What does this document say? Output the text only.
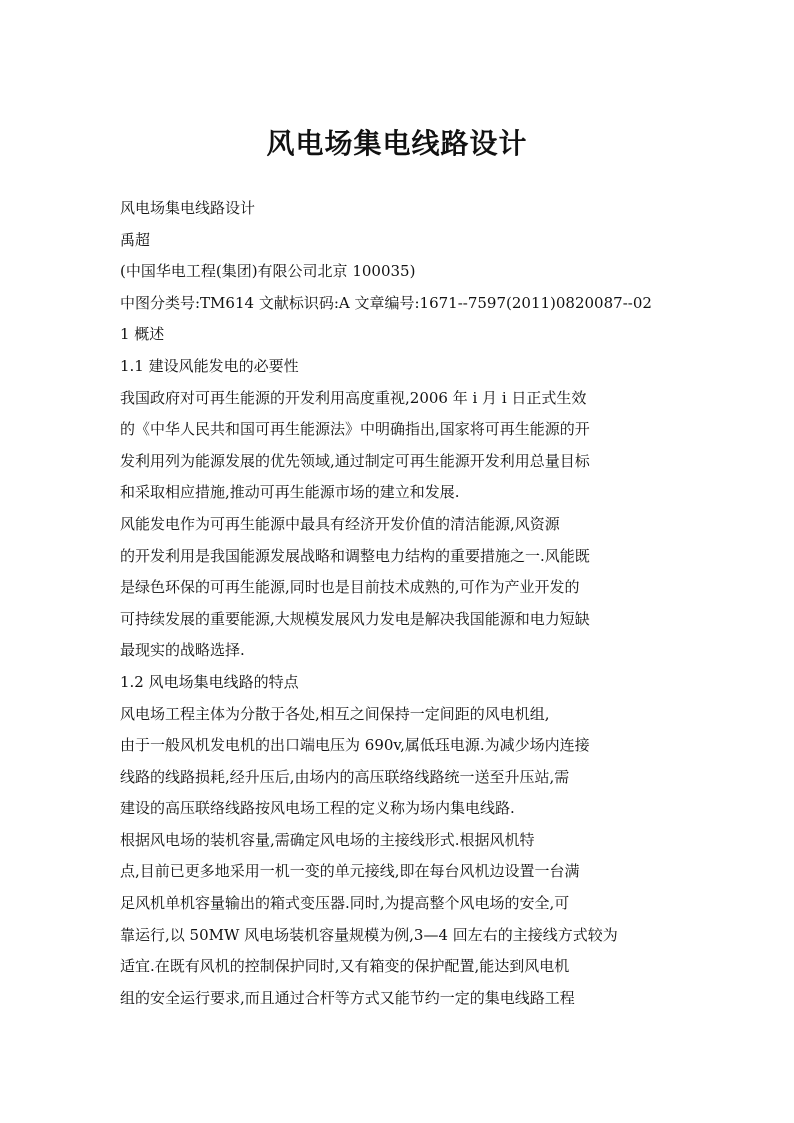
风电场集电线路设计
风电场集电线路设计
禹超
(中国华电工程(集团)有限公司北京 100035)
中图分类号:TM614 文献标识码:A 文章编号:1671--7597(2011)0820087--02
1 概述
1.1 建设风能发电的必要性
我国政府对可再生能源的开发利用高度重视,2006 年 i 月 i 日正式生效
的《中华人民共和国可再生能源法》中明确指出,国家将可再生能源的开
发利用列为能源发展的优先领域,通过制定可再生能源开发利用总量目标
和采取相应措施,推动可再生能源市场的建立和发展.
风能发电作为可再生能源中最具有经济开发价值的清洁能源,风资源
的开发利用是我国能源发展战略和调整电力结构的重要措施之一.风能既
是绿色环保的可再生能源,同时也是目前技术成熟的,可作为产业开发的
可持续发展的重要能源,大规模发展风力发电是解决我国能源和电力短缺
最现实的战略选择.
1.2 风电场集电线路的特点
风电场工程主体为分散于各处,相互之间保持一定间距的风电机组,
由于一般风机发电机的出口端电压为 690v,属低珏电源.为减少场内连接
线路的线路损耗,经升压后,由场内的高压联络线路统一送至升压站,需
建设的高压联络线路按风电场工程的定义称为场内集电线路.
根据风电场的装机容量,需确定风电场的主接线形式.根据风机特
点,目前已更多地采用一机一变的单元接线,即在每台风机边设置一台满
足风机单机容量输出的箱式变压器.同时,为提高整个风电场的安全,可
靠运行,以 50MW 风电场装机容量规模为例,3—4 回左右的主接线方式较为
适宜.在既有风机的控制保护同时,又有箱变的保护配置,能达到风电机
组的安全运行要求,而且通过合杆等方式又能节约一定的集电线路工程
